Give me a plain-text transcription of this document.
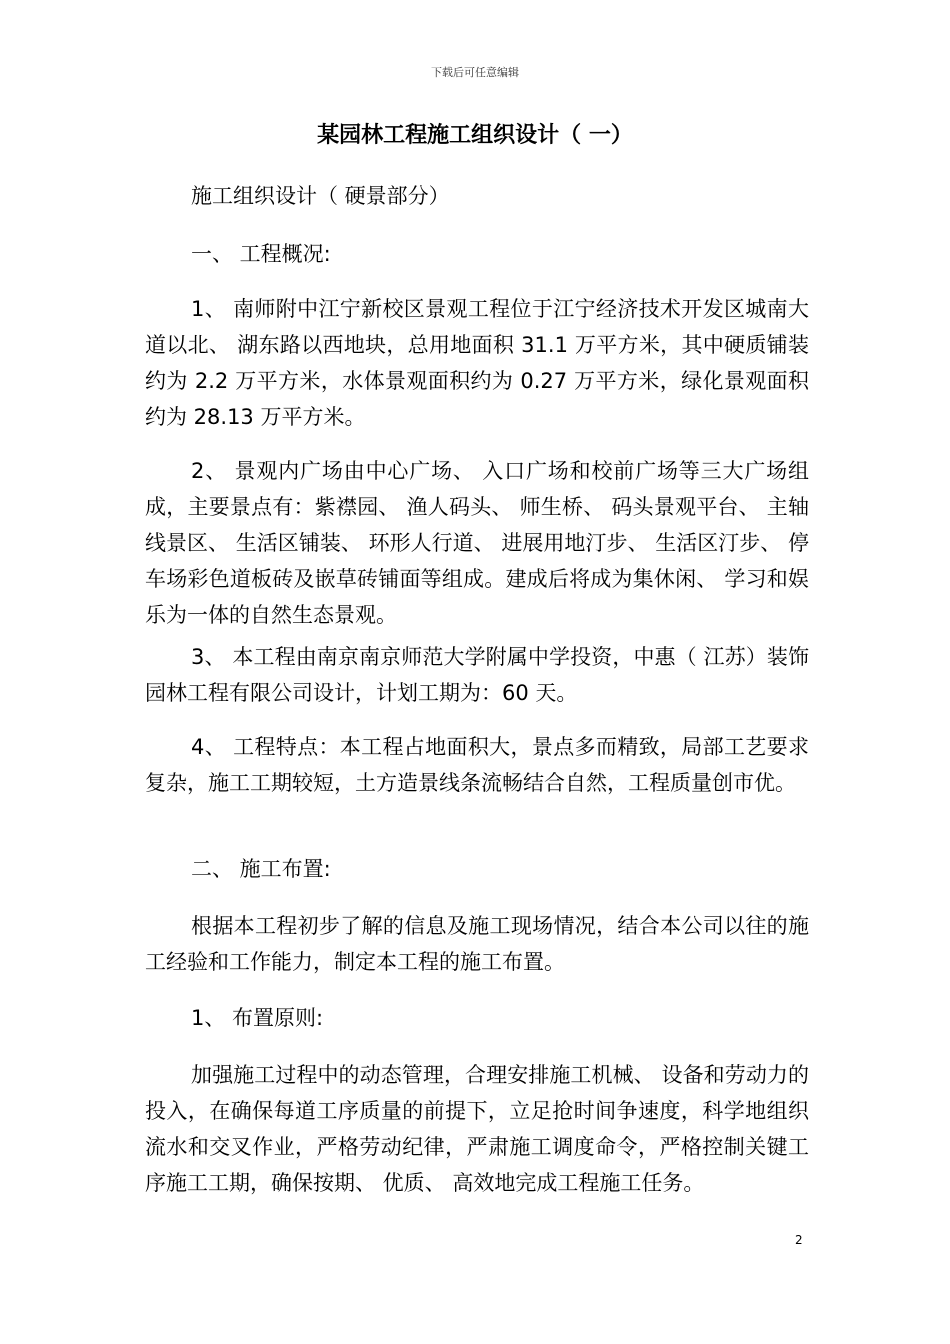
下载后可任意编辑
某园林工程施工组织设计（ 一）

施工组织设计（ 硬景部分）

一、 工程概况:

1、 南师附中江宁新校区景观工程位于江宁经济技术开发区城南大道以北、 湖东路以西地块，总用地面积 31.1 万平方米，其中硬质铺装约为 2.2 万平方米，水体景观面积约为 0.27 万平方米，绿化景观面积约为 28.13 万平方米。

2、 景观内广场由中心广场、 入口广场和校前广场等三大广场组成，主要景点有：紫襟园、 渔人码头、 师生桥、 码头景观平台、 主轴线景区、 生活区铺装、 环形人行道、 进展用地汀步、 生活区汀步、 停车场彩色道板砖及嵌草砖铺面等组成。建成后将成为集休闲、 学习和娱乐为一体的自然生态景观。

3、 本工程由南京南京师范大学附属中学投资，中惠（ 江苏）装饰园林工程有限公司设计，计划工期为：60 天。

4、 工程特点：本工程占地面积大，景点多而精致，局部工艺要求复杂，施工工期较短，土方造景线条流畅结合自然，工程质量创市优。

二、 施工布置:

根据本工程初步了解的信息及施工现场情况，结合本公司以往的施工经验和工作能力，制定本工程的施工布置。

1、 布置原则:

加强施工过程中的动态管理，合理安排施工机械、 设备和劳动力的投入，在确保每道工序质量的前提下，立足抢时间争速度，科学地组织流水和交叉作业，严格劳动纪律，严肃施工调度命令，严格控制关键工序施工工期，确保按期、 优质、 高效地完成工程施工任务。

2
